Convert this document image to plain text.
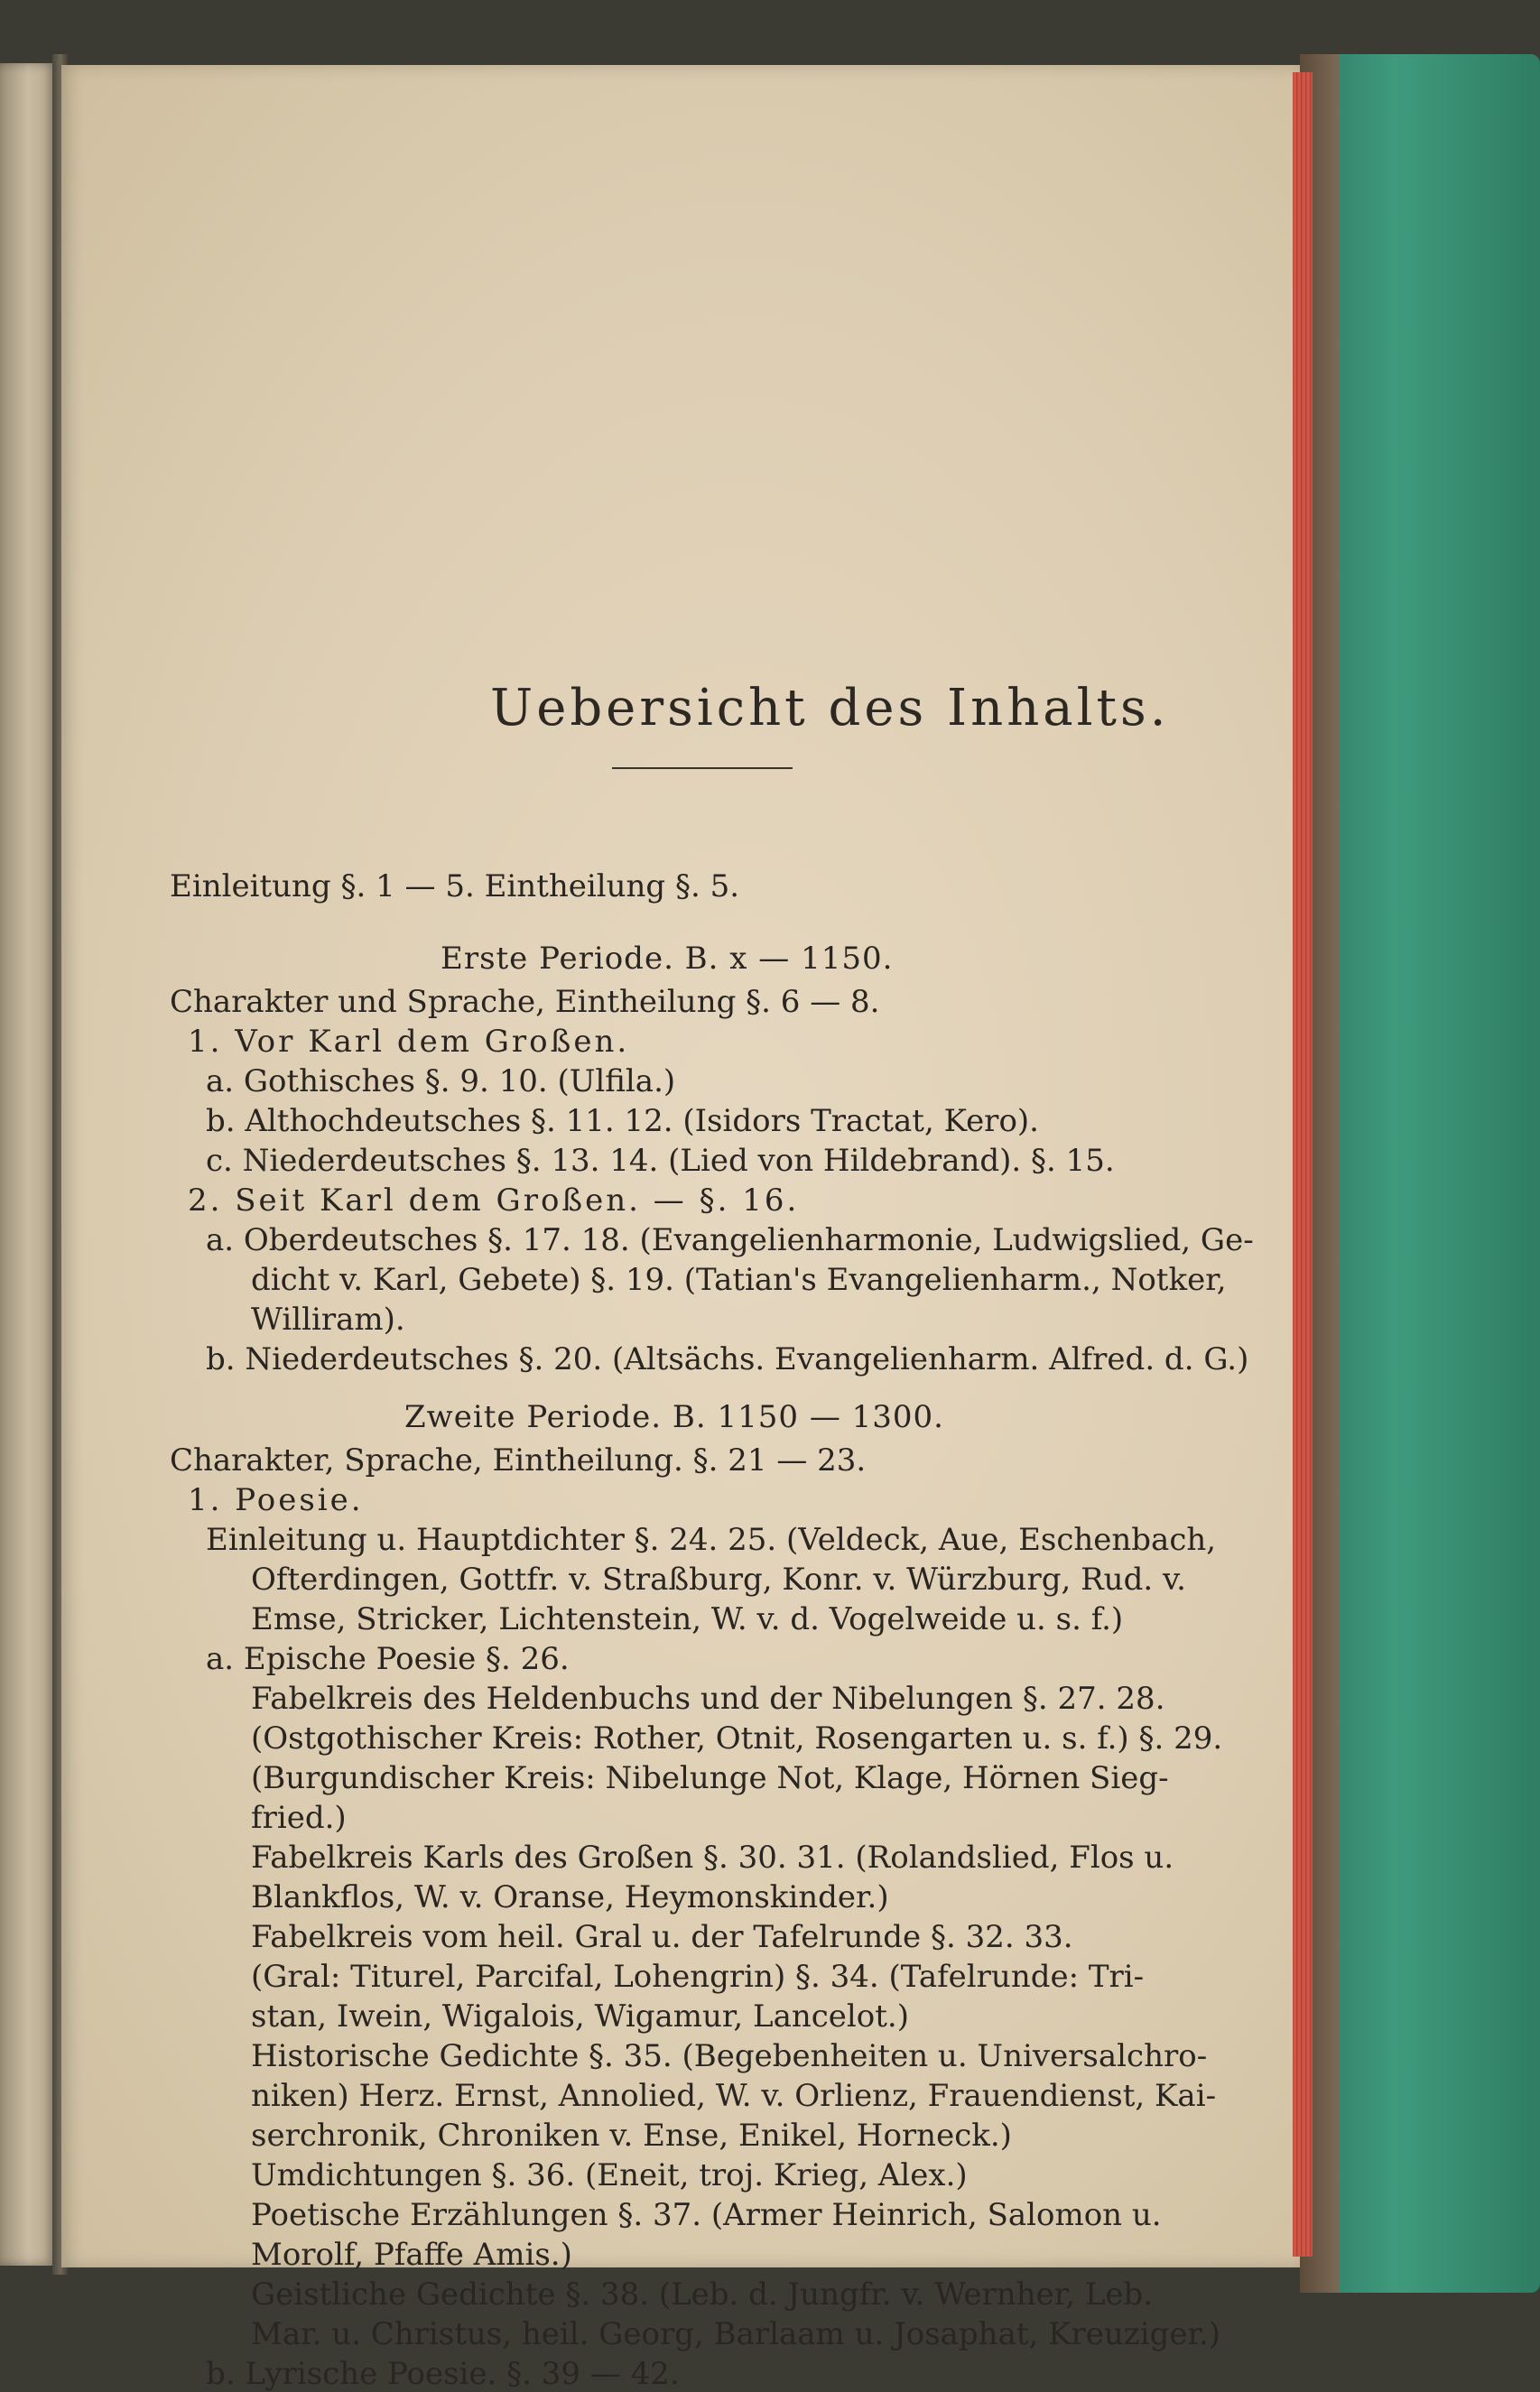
Uebersicht des Inhalts.
Einleitung §. 1 — 5. Eintheilung §. 5.
Erste Periode. B. x — 1150.
Charakter und Sprache, Eintheilung §. 6 — 8.
1. Vor Karl dem Großen.
a. Gothisches §. 9. 10. (Ulfila.)
b. Althochdeutsches §. 11. 12. (Isidors Tractat, Kero).
c. Niederdeutsches §. 13. 14. (Lied von Hildebrand). §. 15.
2. Seit Karl dem Großen. — §. 16.
a. Oberdeutsches §. 17. 18. (Evangelienharmonie, Ludwigslied, Ge-
dicht v. Karl, Gebete) §. 19. (Tatian's Evangelienharm., Notker,
Williram).
b. Niederdeutsches §. 20. (Altsächs. Evangelienharm. Alfred. d. G.)
Zweite Periode. B. 1150 — 1300.
Charakter, Sprache, Eintheilung. §. 21 — 23.
1. Poesie.
Einleitung u. Hauptdichter §. 24. 25. (Veldeck, Aue, Eschenbach,
Ofterdingen, Gottfr. v. Straßburg, Konr. v. Würzburg, Rud. v.
Emse, Stricker, Lichtenstein, W. v. d. Vogelweide u. s. f.)
a. Epische Poesie §. 26.
Fabelkreis des Heldenbuchs und der Nibelungen §. 27. 28.
(Ostgothischer Kreis: Rother, Otnit, Rosengarten u. s. f.) §. 29.
(Burgundischer Kreis: Nibelunge Not, Klage, Hörnen Sieg-
fried.)
Fabelkreis Karls des Großen §. 30. 31. (Rolandslied, Flos u.
Blankflos, W. v. Oranse, Heymonskinder.)
Fabelkreis vom heil. Gral u. der Tafelrunde §. 32. 33.
(Gral: Titurel, Parcifal, Lohengrin) §. 34. (Tafelrunde: Tri-
stan, Iwein, Wigalois, Wigamur, Lancelot.)
Historische Gedichte §. 35. (Begebenheiten u. Universalchro-
niken) Herz. Ernst, Annolied, W. v. Orlienz, Frauendienst, Kai-
serchronik, Chroniken v. Ense, Enikel, Horneck.)
Umdichtungen §. 36. (Eneit, troj. Krieg, Alex.)
Poetische Erzählungen §. 37. (Armer Heinrich, Salomon u.
Morolf, Pfaffe Amis.)
Geistliche Gedichte §. 38. (Leb. d. Jungfr. v. Wernher, Leb.
Mar. u. Christus, heil. Georg, Barlaam u. Josaphat, Kreuziger.)
b. Lyrische Poesie. §. 39 — 42.
